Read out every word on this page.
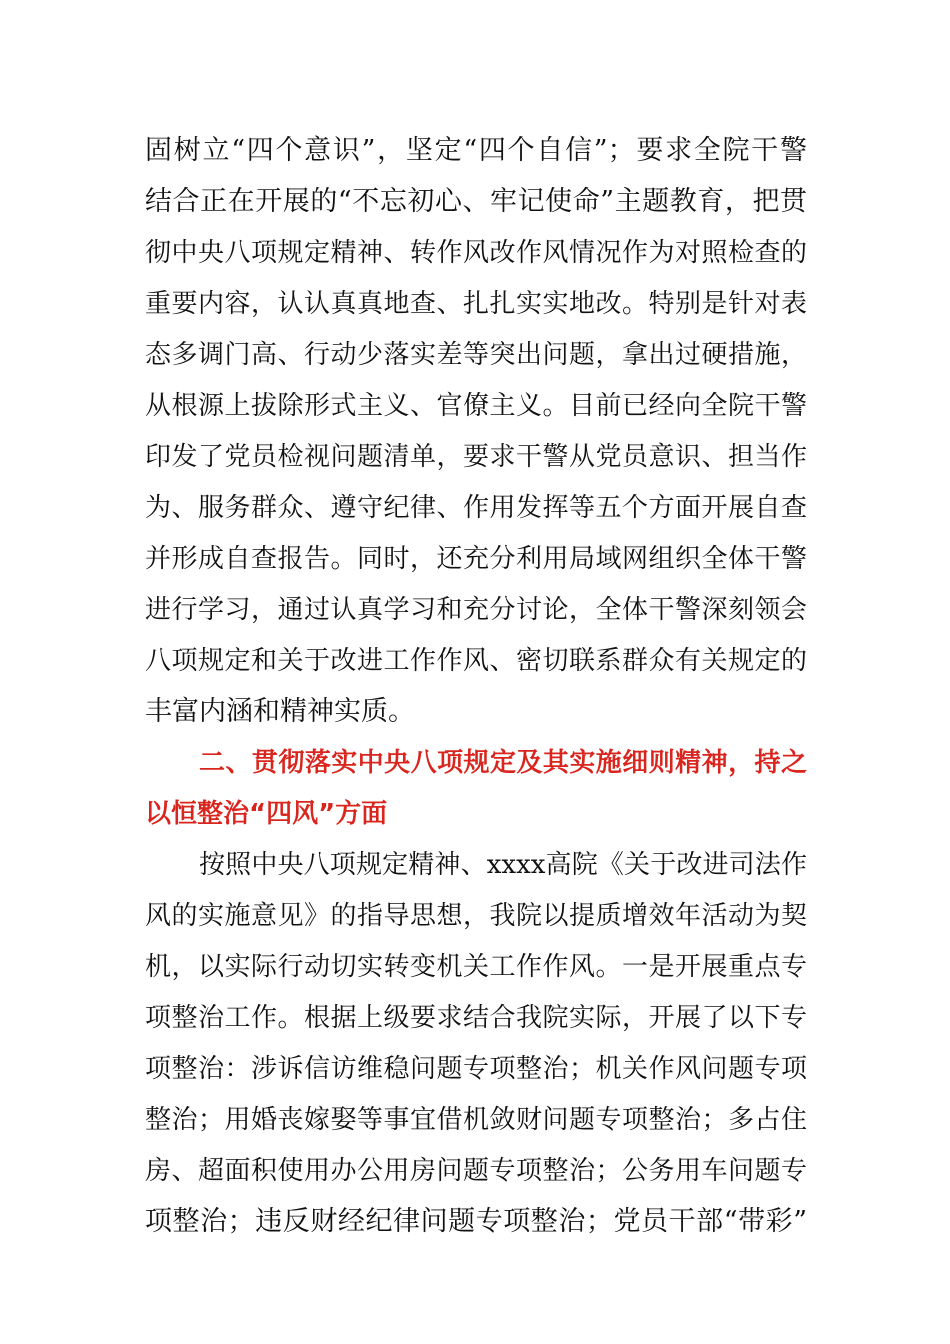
固树立“四个意识”，坚定“四个自信”；要求全院干警
结合正在开展的“不忘初心、牢记使命”主题教育，把贯
彻中央八项规定精神、转作风改作风情况作为对照检查的
重要内容，认认真真地查、扎扎实实地改。特别是针对表
态多调门高、行动少落实差等突出问题，拿出过硬措施，
从根源上拔除形式主义、官僚主义。目前已经向全院干警
印发了党员检视问题清单，要求干警从党员意识、担当作
为、服务群众、遵守纪律、作用发挥等五个方面开展自查
并形成自查报告。同时，还充分利用局域网组织全体干警
进行学习，通过认真学习和充分讨论，全体干警深刻领会
八项规定和关于改进工作作风、密切联系群众有关规定的
丰富内涵和精神实质。
二、贯彻落实中央八项规定及其实施细则精神，持之
以恒整治“四风”方面
按照中央八项规定精神、xxxx高院《关于改进司法作
风的实施意见》的指导思想，我院以提质增效年活动为契
机，以实际行动切实转变机关工作作风。一是开展重点专
项整治工作。根据上级要求结合我院实际，开展了以下专
项整治：涉诉信访维稳问题专项整治；机关作风问题专项
整治；用婚丧嫁娶等事宜借机敛财问题专项整治；多占住
房、超面积使用办公用房问题专项整治；公务用车问题专
项整治；违反财经纪律问题专项整治；党员干部“带彩”
